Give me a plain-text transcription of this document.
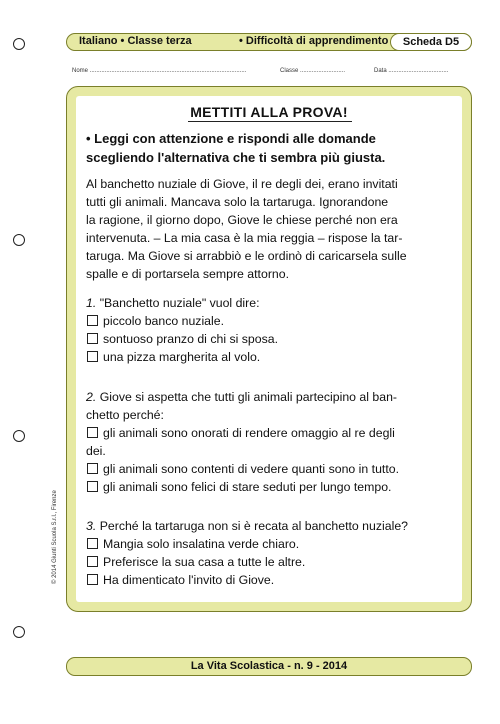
Italiano • Classe terza	• Difficoltà di apprendimento	Scheda D5
Nome ..............................................................................................	Classe ...........................	Data ....................................
METTITI ALLA PROVA!
• Leggi con attenzione e rispondi alle domande
scegliendo l'alternativa che ti sembra più giusta.
Al banchetto nuziale di Giove, il re degli dei, erano invitati
tutti gli animali. Mancava solo la tartaruga. Ignorandone
la ragione, il giorno dopo, Giove le chiese perché non era
intervenuta. – La mia casa è la mia reggia – rispose la tar-
taruga. Ma Giove si arrabbiò e le ordinò di caricarsela sulle
spalle e di portarsela sempre attorno.
1. "Banchetto nuziale" vuol dire:
piccolo banco nuziale.
sontuoso pranzo di chi si sposa.
una pizza margherita al volo.
2. Giove si aspetta che tutti gli animali partecipino al ban-
chetto perché:
gli animali sono onorati di rendere omaggio al re degli
dei.
gli animali sono contenti di vedere quanti sono in tutto.
gli animali sono felici di stare seduti per lungo tempo.
3. Perché la tartaruga non si è recata al banchetto nuziale?
Mangia solo insalatina verde chiaro.
Preferisce la sua casa a tutte le altre.
Ha dimenticato l'invito di Giove.
© 2014 Giunti Scuola S.r.l., Firenze
La Vita Scolastica - n. 9 - 2014
